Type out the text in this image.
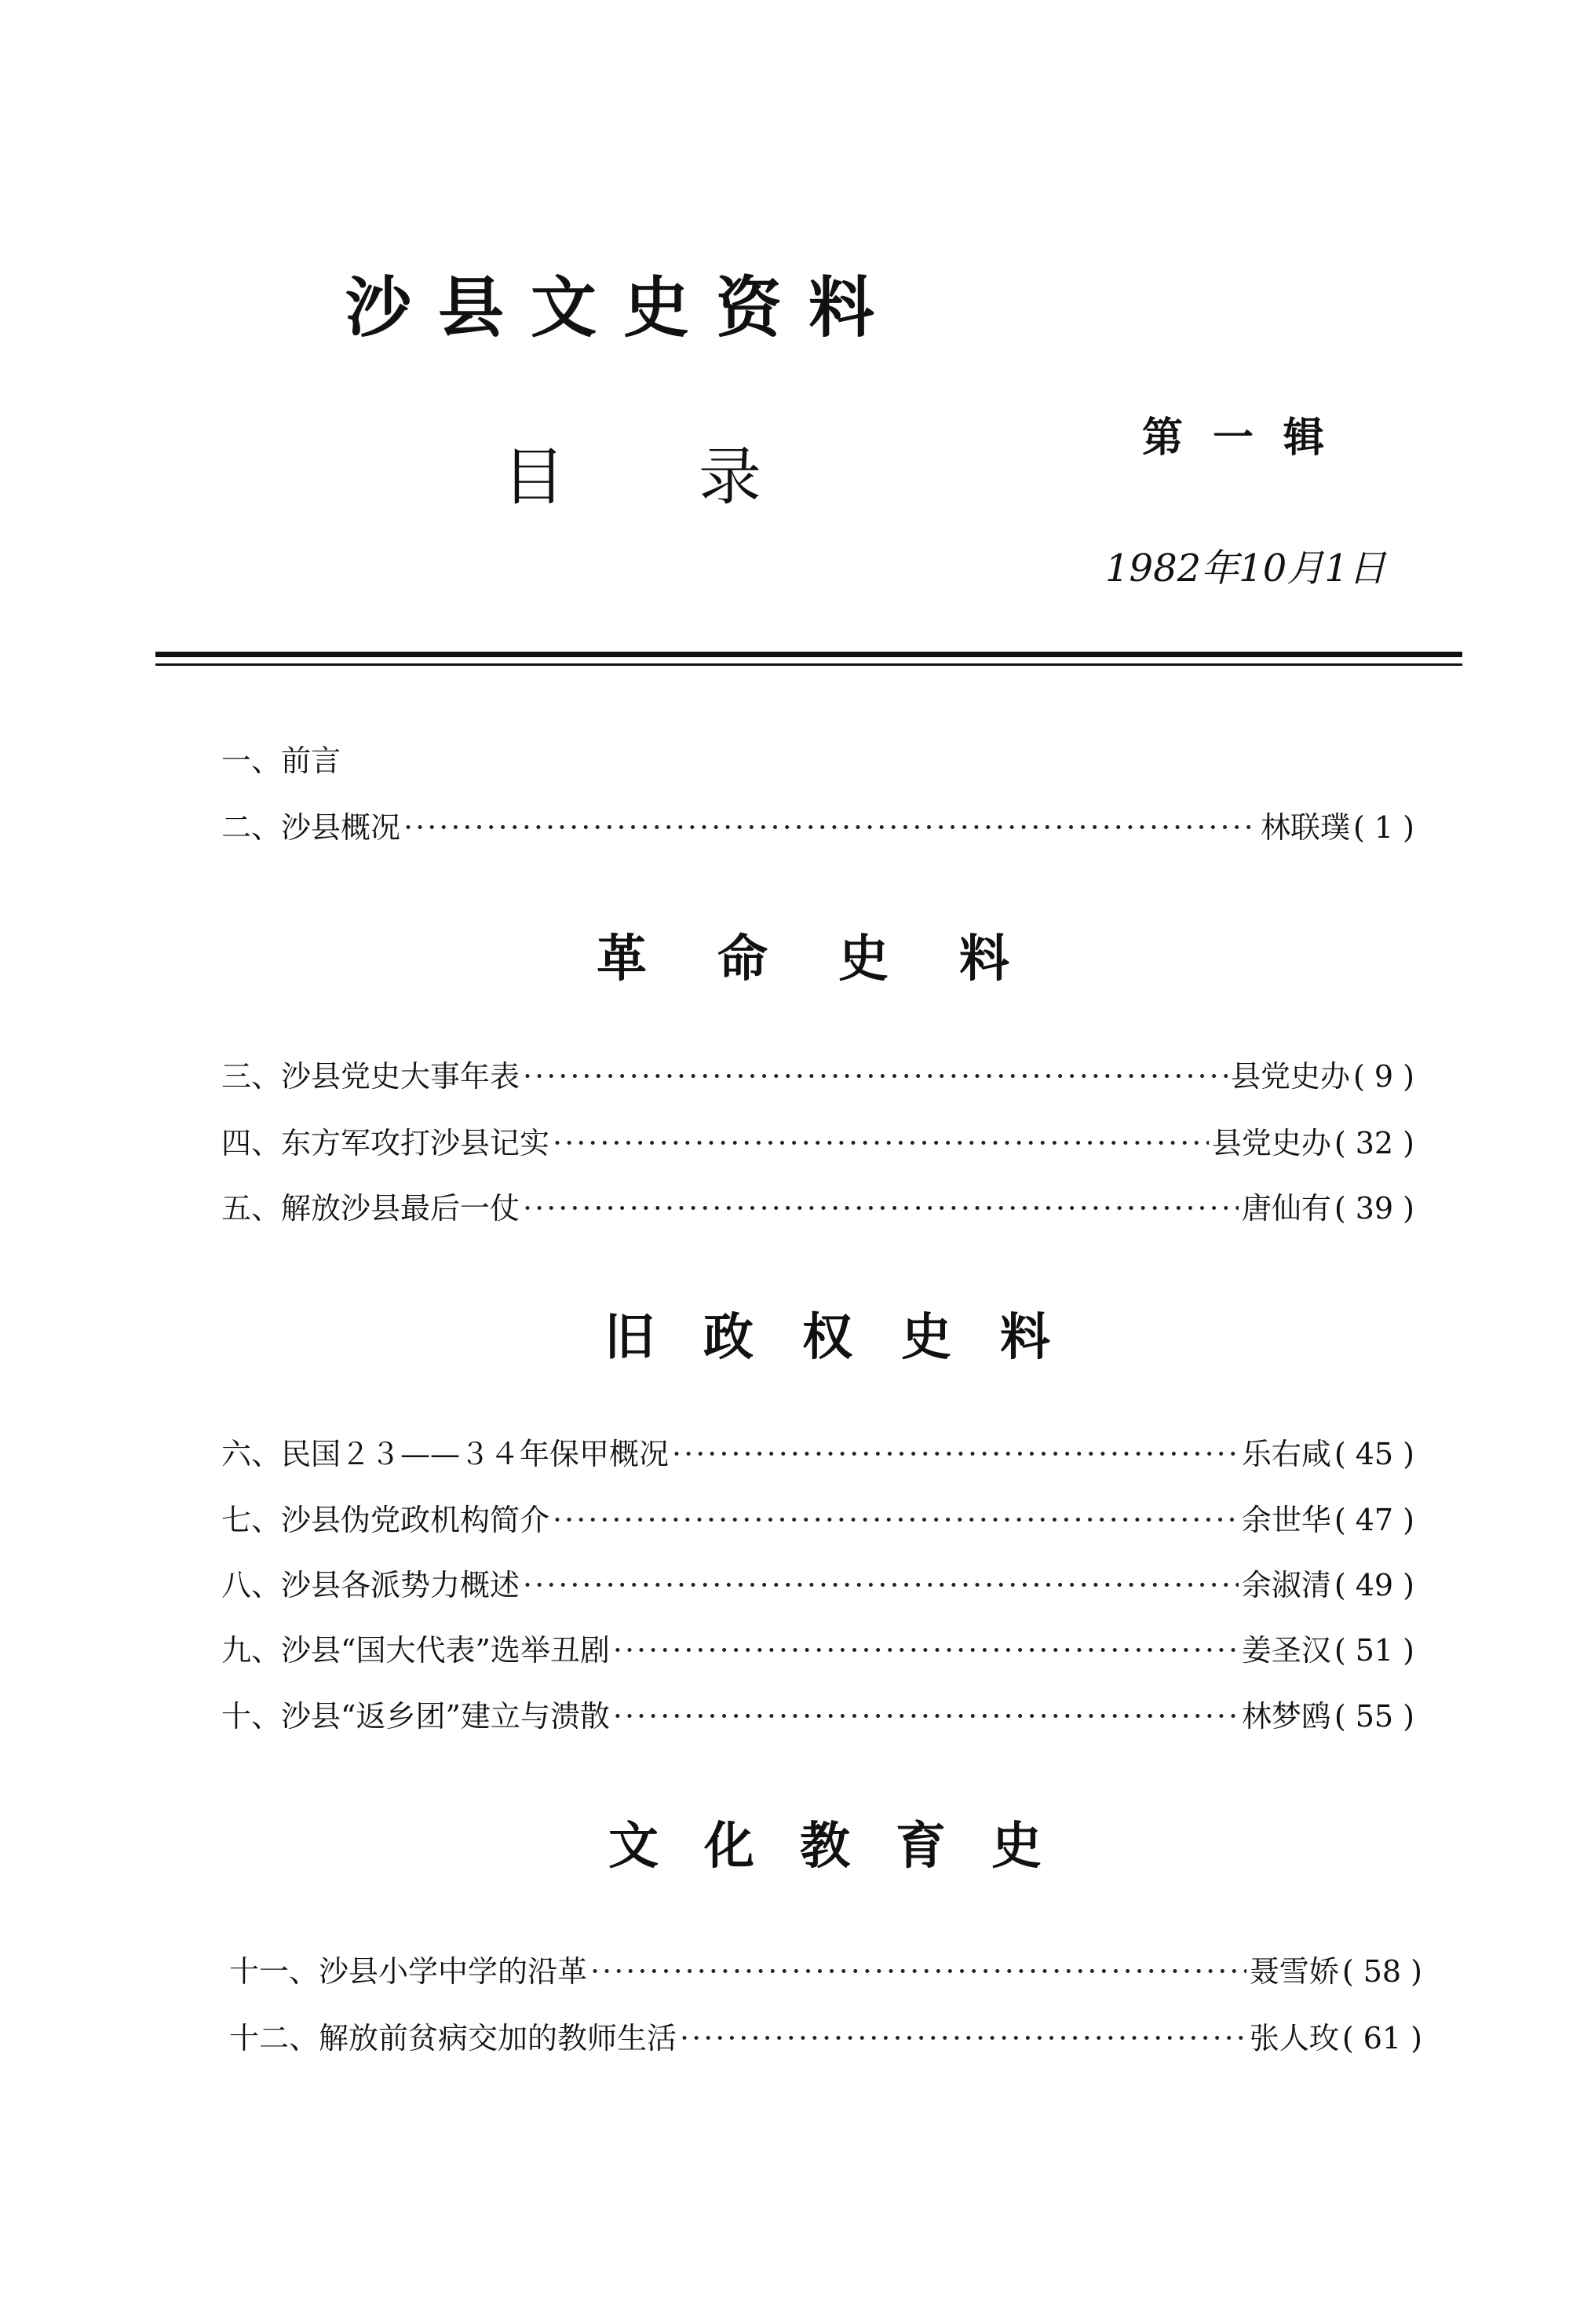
沙县文史资料
目录
第一辑
1982年10月1日
一、 前言
二、 沙县概况 ·····	林联璞 ( 1 )
革命史料
三、 沙县党史大事年表 ·····	县党史办 ( 9 )
四、 东方军攻打沙县记实 ·····	县党史办 ( 32 )
五、 解放沙县最后一仗 ·····	唐仙有 ( 39 )
旧政权史料
六、 民国２３——３４年保甲概况 ·····	乐右咸 ( 45 )
七、 沙县伪党政机构简介 ·····	余世华 ( 47 )
八、 沙县各派势力概述 ·····	余淑清 ( 49 )
九、 沙县“国大代表”选举丑剧 ·····	姜圣汉 ( 51 )
十、 沙县“返乡团”建立与溃散 ·····	林梦鸥 ( 55 )
文化教育史
十一、 沙县小学中学的沿革 ·····	聂雪娇 ( 58 )
十二、 解放前贫病交加的教师生活 ·····	张人玫 ( 61 )
